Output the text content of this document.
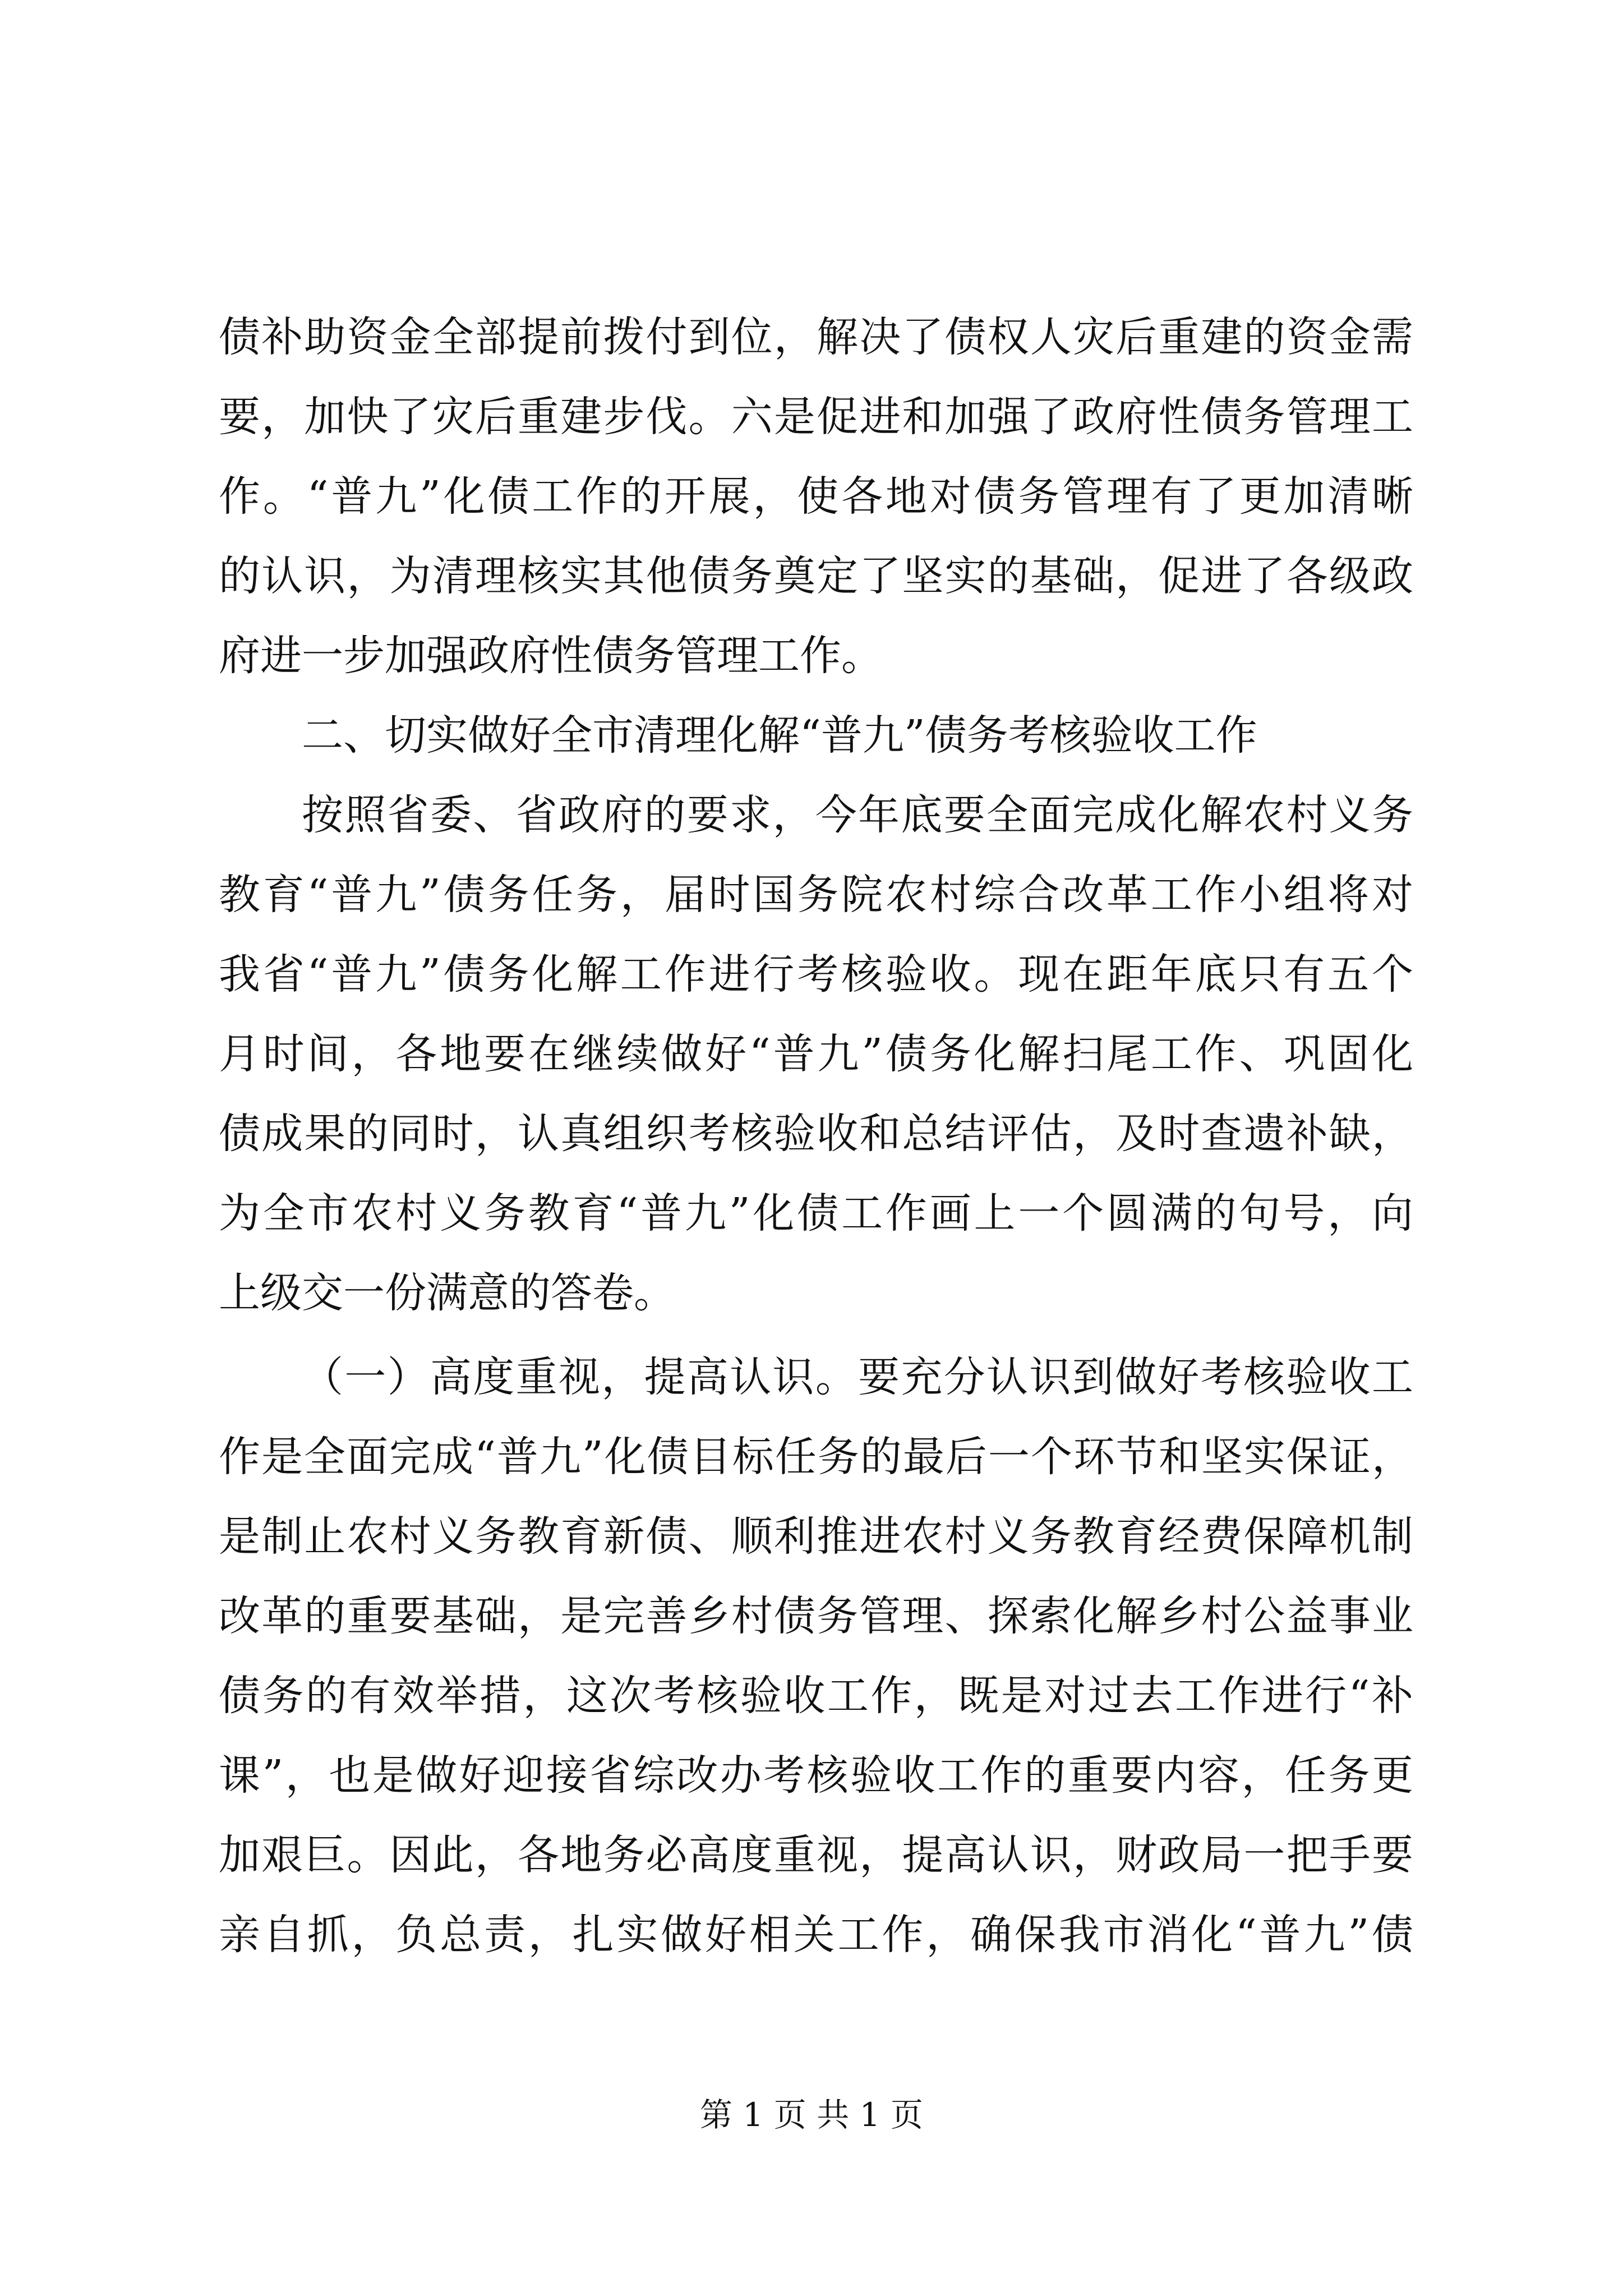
债补助资金全部提前拨付到位，解决了债权人灾后重建的资金需
要，加快了灾后重建步伐。六是促进和加强了政府性债务管理工
作。“普九”化债工作的开展，使各地对债务管理有了更加清晰
的认识，为清理核实其他债务奠定了坚实的基础，促进了各级政
府进一步加强政府性债务管理工作。
二、切实做好全市清理化解“普九”债务考核验收工作
按照省委、省政府的要求，今年底要全面完成化解农村义务
教育“普九”债务任务，届时国务院农村综合改革工作小组将对
我省“普九”债务化解工作进行考核验收。现在距年底只有五个
月时间，各地要在继续做好“普九”债务化解扫尾工作、巩固化
债成果的同时，认真组织考核验收和总结评估，及时查遗补缺，
为全市农村义务教育“普九”化债工作画上一个圆满的句号，向
上级交一份满意的答卷。
（一）高度重视，提高认识。要充分认识到做好考核验收工
作是全面完成“普九”化债目标任务的最后一个环节和坚实保证，
是制止农村义务教育新债、顺利推进农村义务教育经费保障机制
改革的重要基础，是完善乡村债务管理、探索化解乡村公益事业
债务的有效举措，这次考核验收工作，既是对过去工作进行“补
课”，也是做好迎接省综改办考核验收工作的重要内容，任务更
加艰巨。因此，各地务必高度重视，提高认识，财政局一把手要
亲自抓，负总责，扎实做好相关工作，确保我市消化“普九”债
第 1 页 共 1 页
